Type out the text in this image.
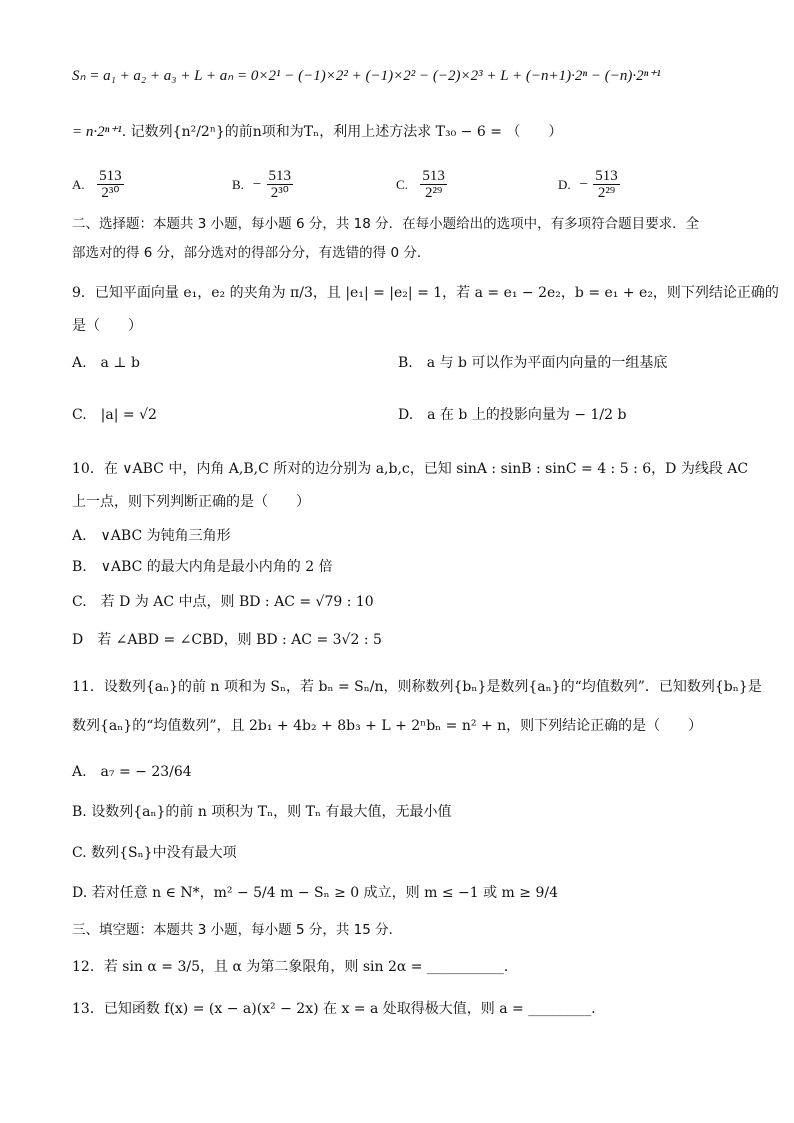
Sₙ = a₁ + a₂ + a₃ + L + aₙ = 0×2¹ − (−1)×2² + (−1)×2² − (−2)×2³ + L + (−n+1)·2ⁿ − (−n)·2ⁿ⁺¹
= n·2ⁿ⁺¹. 记数列{n²/2ⁿ}的前n项和为Tₙ，利用上述方法求 T₃₀ − 6 = （　　）
A. $\frac{513}{\text{2³⁰}}$	B. − $\frac{513}{\text{2³⁰}}$	C. $\frac{513}{\text{2²⁹}}$	D. − $\frac{513}{\text{2²⁹}}$
二、选择题：本题共 3 小题，每小题 6 分，共 18 分．在每小题给出的选项中，有多项符合题目要求．全
部选对的得 6 分，部分选对的得部分分，有选错的得 0 分．
9．已知平面向量 e₁，e₂ 的夹角为 π/3，且 |e₁| = |e₂| = 1，若 a = e₁ − 2e₂，b = e₁ + e₂，则下列结论正确的
是（　　）
A.　a ⊥ b	B.　a 与 b 可以作为平面内向量的一组基底
C.　|a| = √2	D.　a 在 b 上的投影向量为 − 1/2 b
10．在 ∨ABC 中，内角 A,B,C 所对的边分别为 a,b,c，已知 sinA : sinB : sinC = 4 : 5 : 6，D 为线段 AC
上一点，则下列判断正确的是（　　）
A.　∨ABC 为钝角三角形
B.　∨ABC 的最大内角是最小内角的 2 倍
C.　若 D 为 AC 中点，则 BD : AC = √79 : 10
D　若 ∠ABD = ∠CBD，则 BD : AC = 3√2 : 5
11．设数列{aₙ}的前 n 项和为 Sₙ，若 bₙ = Sₙ/n，则称数列{bₙ}是数列{aₙ}的“均值数列”．已知数列{bₙ}是
数列{aₙ}的“均值数列”，且 2b₁ + 4b₂ + 8b₃ + L + 2ⁿbₙ = n² + n，则下列结论正确的是（　　）
A.　a₇ = − 23/64
B. 设数列{aₙ}的前 n 项积为 Tₙ，则 Tₙ 有最大值，无最小值
C. 数列{Sₙ}中没有最大项
D. 若对任意 n ∈ N*，m² − 5/4 m − Sₙ ≥ 0 成立，则 m ≤ −1 或 m ≥ 9/4
三、填空题：本题共 3 小题，每小题 5 分，共 15 分．
12．若 sin α = 3/5，且 α 为第二象限角，则 sin 2α = ___________．
13．已知函数 f(x) = (x − a)(x² − 2x) 在 x = a 处取得极大值，则 a = _________．
